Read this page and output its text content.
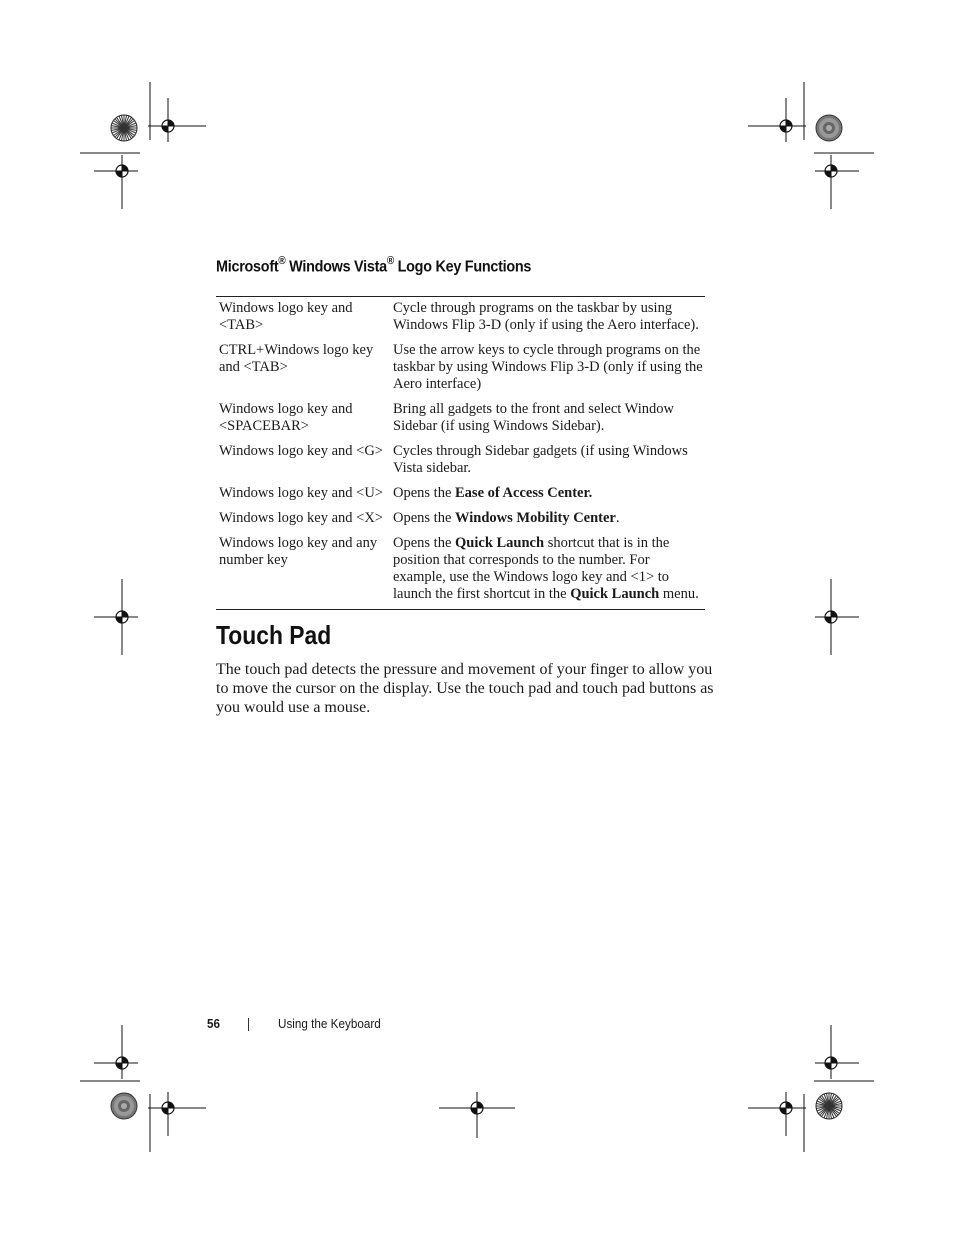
Microsoft® Windows Vista® Logo Key Functions
Windows logo key and <TAB>	Cycle through programs on the taskbar by using Windows Flip 3-D (only if using the Aero interface).
CTRL+Windows logo key and <TAB>	Use the arrow keys to cycle through programs on the taskbar by using Windows Flip 3-D (only if using the Aero interface)
Windows logo key and <SPACEBAR>	Bring all gadgets to the front and select Window Sidebar (if using Windows Sidebar).
Windows logo key and <G>	Cycles through Sidebar gadgets (if using Windows Vista sidebar.
Windows logo key and <U>	Opens the Ease of Access Center.
Windows logo key and <X>	Opens the Windows Mobility Center.
Windows logo key and any number key	Opens the Quick Launch shortcut that is in the position that corresponds to the number. For example, use the Windows logo key and <1> to launch the first shortcut in the Quick Launch menu.
Touch Pad

The touch pad detects the pressure and movement of your finger to allow you to move the cursor on the display. Use the touch pad and touch pad buttons as you would use a mouse.

56	Using the Keyboard
